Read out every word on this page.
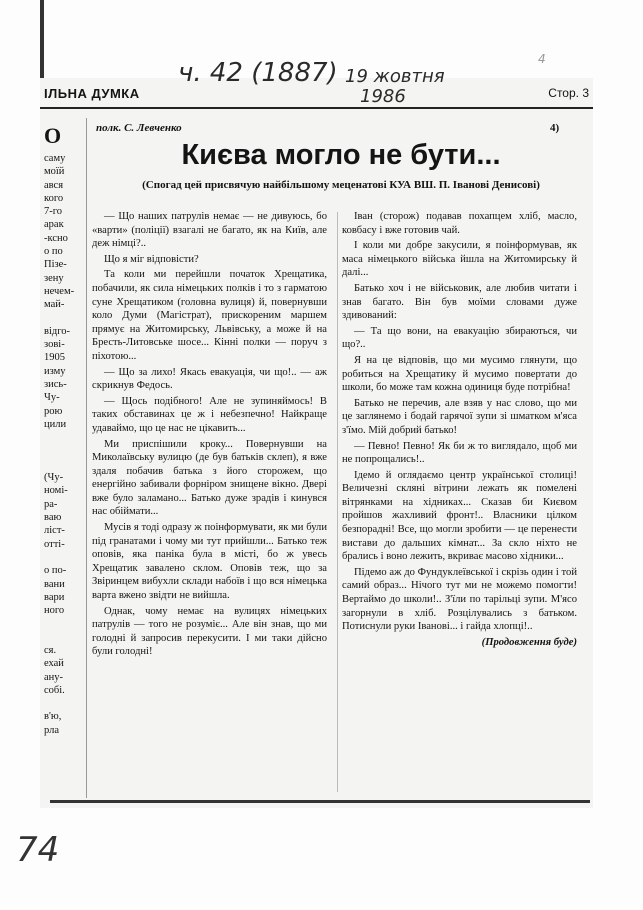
ІЛЬНА ДУМКА	Стор. 3
ч. 42 (1887) 19 жовтня
1986
4
О
саму
моїй
ався
кого
7-го
арак
-ксно
о по
Пізе-
зену
нечем-
май-

відго-
зові-
1905
изму
зись-
Чу-
рою
цили

(Чу-
номі-
ра-
ваю
ліст-
отті-

о по-
вани
вари
ного

ся.
ехай
ану-
собі.

в'ю,
рла
полк. С. Левченко	4)
Києва могло не бути...
(Спогад цей присвячую найбільшому меценатові КУА ВШ. П. Іванові Денисові)

— Що наших патрулів немає — не дивуюсь, бо «варти» (поліції) взагалі не багато, як на Київ, але деж німці?..

Що я міг відповісти?

Та коли ми перейшли початок Хрещатика, побачили, як сила німецьких полків і то з гарматою суне Хрещатиком (головна вулиця) й, повернувши коло Думи (Магістрат), прискореним маршем прямує на Житомирську, Львівську, а може й на Бресть-Литовське шосе... Кінні полки — поруч з піхотою...

— Що за лихо! Якась евакуація, чи що!.. — аж скрикнув Федось.

— Щось подібного! Але не зупиняймось! В таких обставинах це ж і небезпечно! Найкраще удаваймо, що це нас не цікавить...

Ми приспішили кроку... Повернувши на Миколаївську вулицю (де був батьків склеп), я вже здаля побачив батька з його сторожем, що енергійно забивали форніром знищене вікно. Двері вже було заламано... Батько дуже зрадів і кинувся нас обіймати...

Мусів я тоді одразу ж поінформувати, як ми були під гранатами і чому ми тут прийшли... Батько теж оповів, яка паніка була в місті, бо ж увесь Хрещатик завалено склом. Оповів теж, що за Звіринцем вибухли склади набоїв і що вся німецька варта вжено звідти не вийшла.

Однак, чому немає на вулицях німецьких патрулів — того не розуміє... Але він знав, що ми голодні й запросив перекусити. І ми таки дійсно були голодні!

Іван (сторож) подавав похапцем хліб, масло, ковбасу і вже готовив чай.

І коли ми добре закусили, я поінформував, як маса німецького війська йшла на Житомирську й далі...

Батько хоч і не військовик, але любив читати і знав багато. Він був моїми словами дуже здивований:

— Та що вони, на евакуацію збираються, чи що?..

Я на це відповів, що ми мусимо глянути, що робиться на Хрещатику й мусимо повертати до школи, бо може там кожна одиниця буде потрібна!

Батько не перечив, але взяв у нас слово, що ми це заглянемо і бодай гарячої зупи зі шматком м'яса з'їмо. Мій добрий батько!

— Певно! Певно! Як би ж то виглядало, щоб ми не попрощались!..

Ідемо й оглядаємо центр української столиці! Величезні скляні вітрини лежать як помелені вітрянками на хідниках... Сказав би Києвом пройшов жахливий фронт!.. Власники цілком безпорадні! Все, що могли зробити — це перенести вистави до дальших кімнат... За скло ніхто не брались і воно лежить, вкриває масово хідники...

Підемо аж до Фундуклеївської і скрізь один і той самий образ... Нічого тут ми не можемо помогти! Вертаймо до школи!.. З'їли по тарільці зупи. М'ясо загорнули в хліб. Розцілувались з батьком. Потиснули руки Іванові... і гайда хлопці!..

(Продовження буде)

74
